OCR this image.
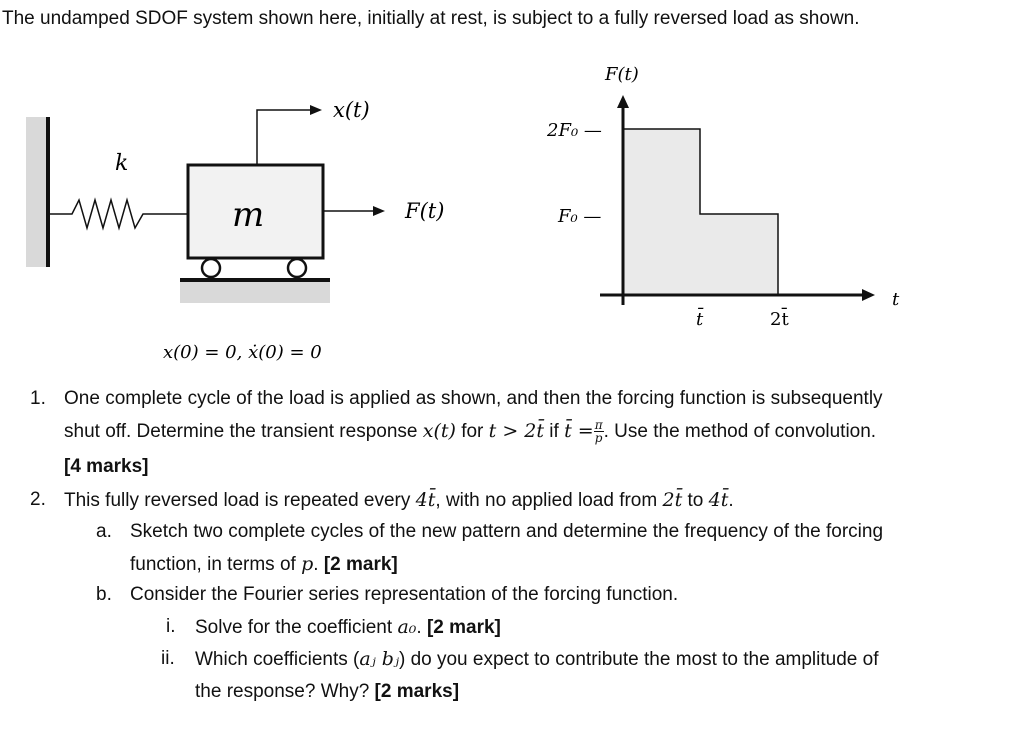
The undamped SDOF system shown here, initially at rest, is subject to a fully reversed load as shown.
k
m
x(t)
F(t)
x(0) = 0, ẋ(0) = 0
F(t)
t
2F₀ —
F₀ —
t̄	2t̄
1. One complete cycle of the load is applied as shown, and then the forcing function is subsequently
shut off. Determine the transient response x(t) for t > 2t̄ if t̄ = $\frac{\pi}{p}$ . Use the method of convolution.
[4 marks]
2. This fully reversed load is repeated every 4t̄, with no applied load from 2t̄ to 4t̄.
a. Sketch two complete cycles of the new pattern and determine the frequency of the forcing
function, in terms of p. [2 mark]
b. Consider the Fourier series representation of the forcing function.
i. Solve for the coefficient a₀. [2 mark]
ii. Which coefficients (aⱼ bⱼ) do you expect to contribute the most to the amplitude of
the response? Why? [2 marks]
